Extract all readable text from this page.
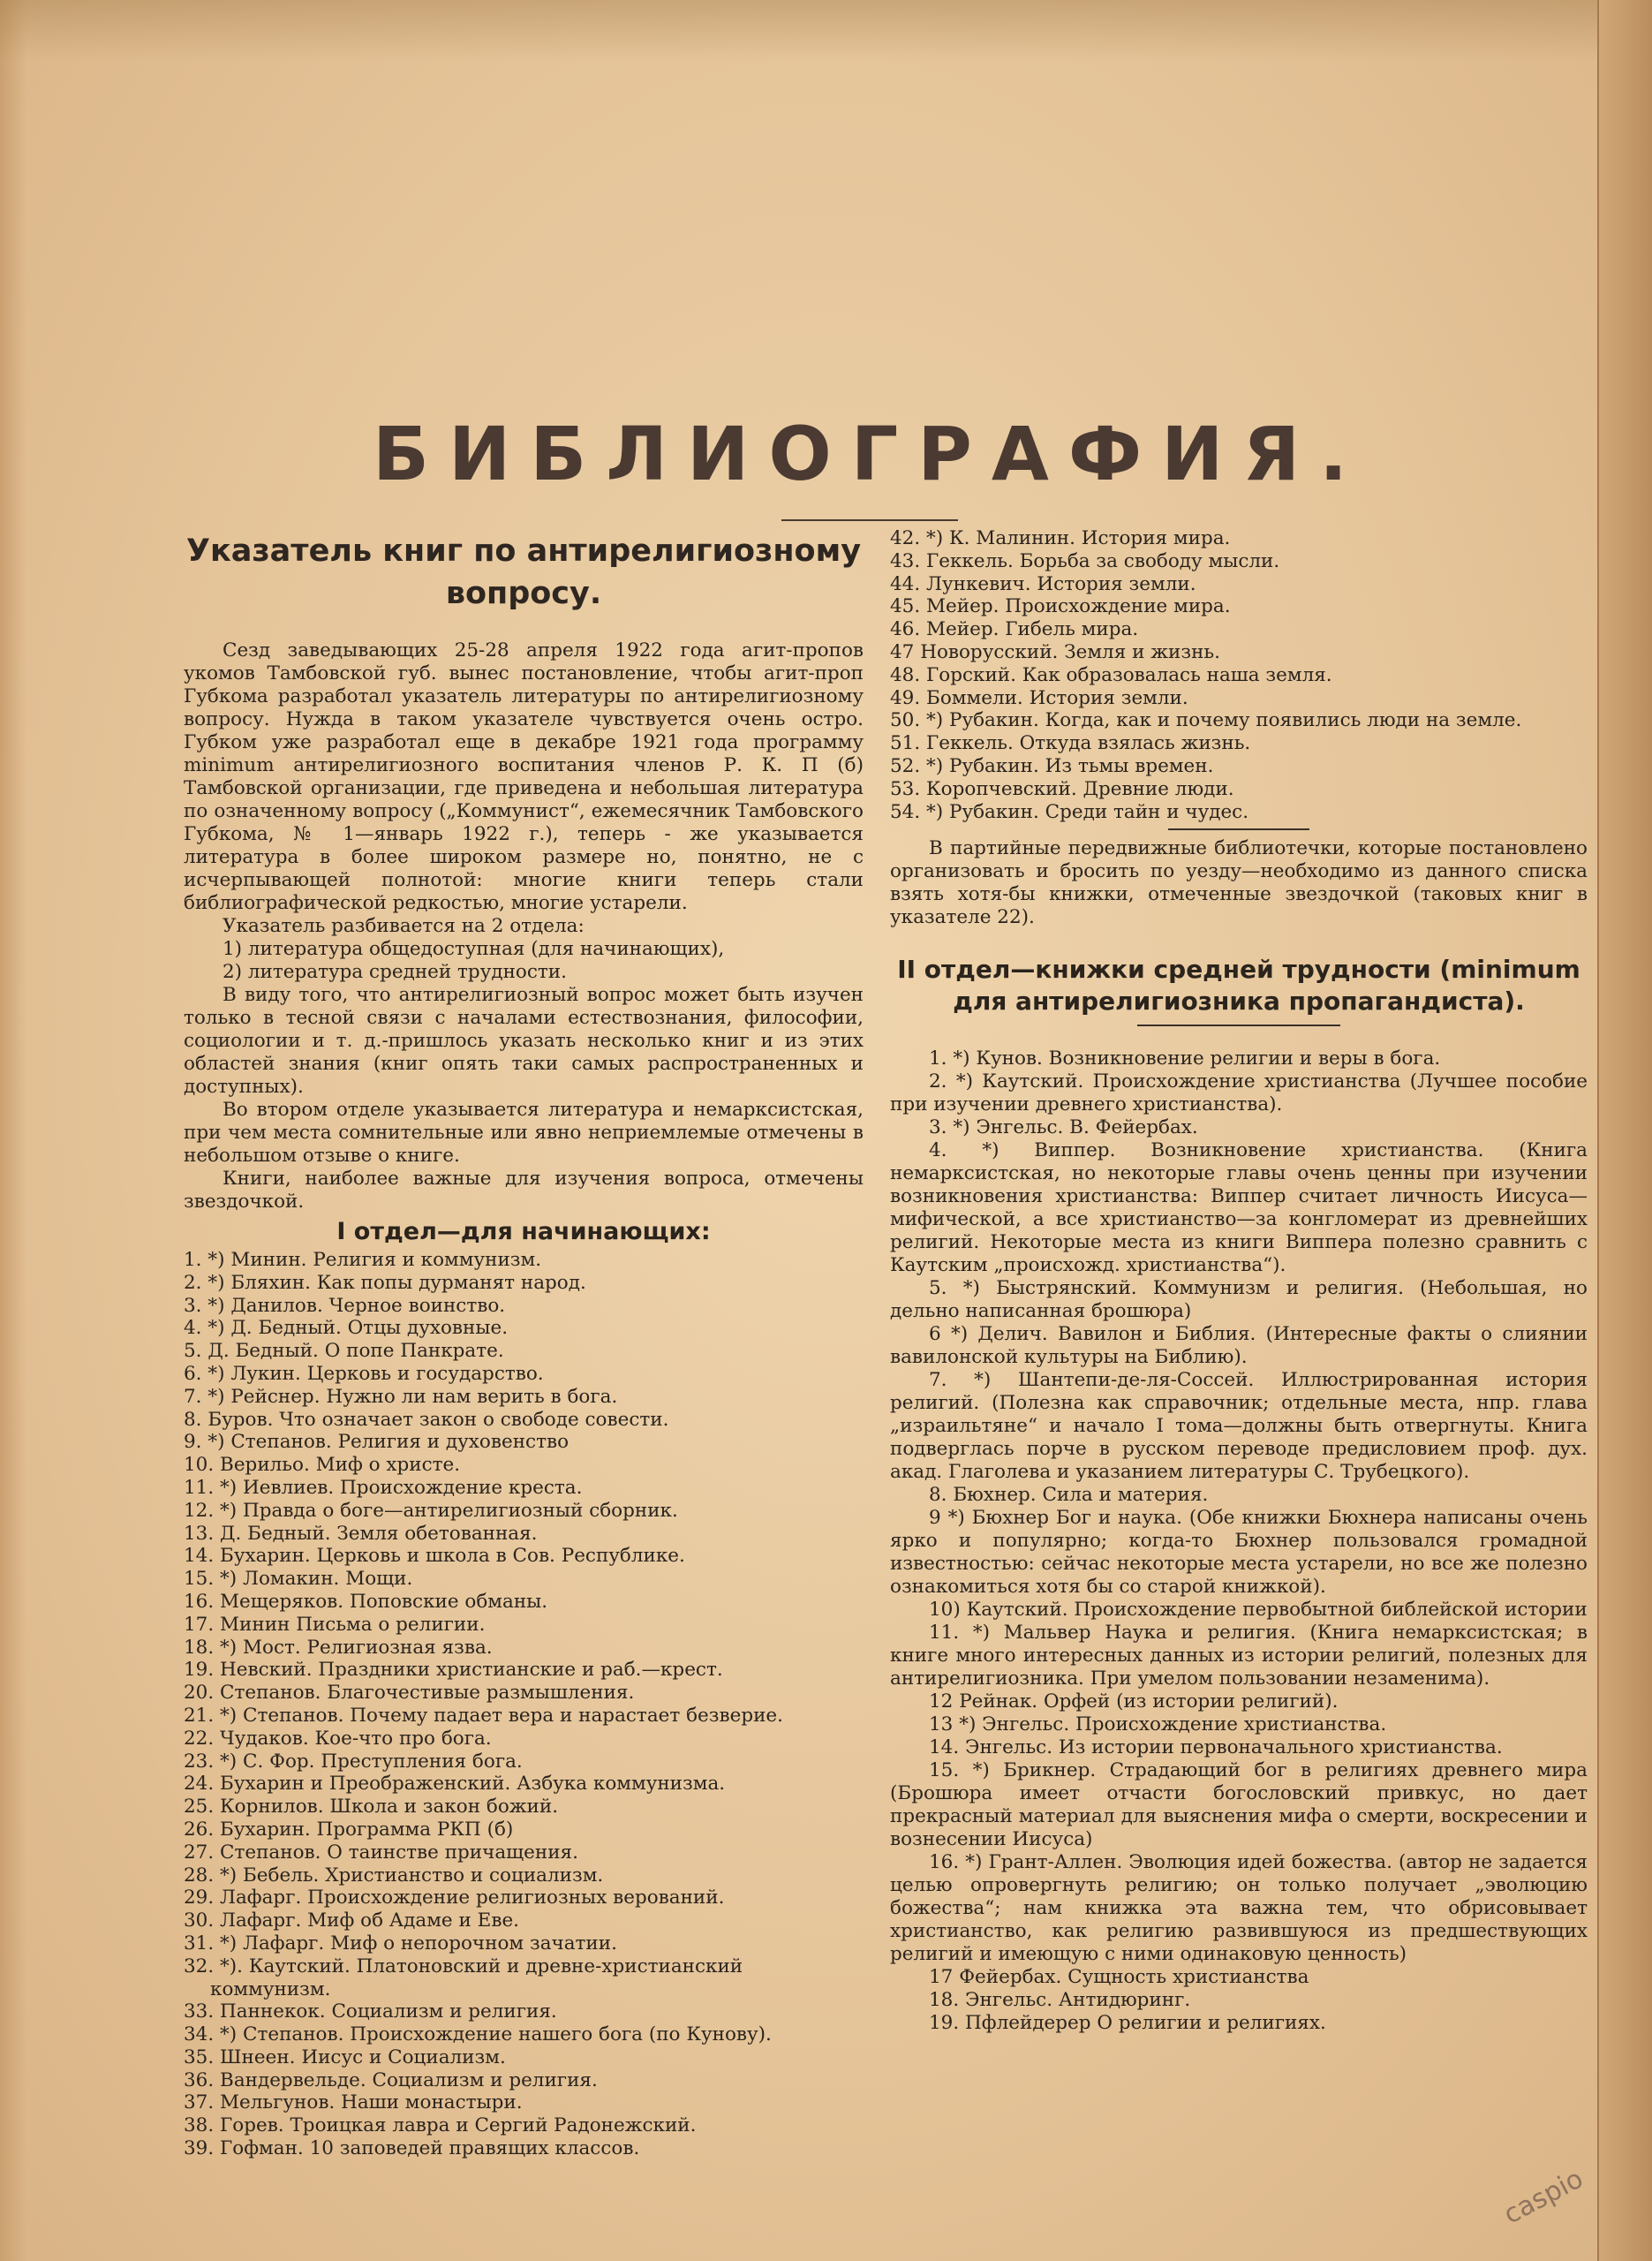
БИБЛИОГРАФИЯ.
Указатель книг по антирелигиозному вопросу.

Сезд заведывающих 25-28 апреля 1922 года агит-пропов укомов Тамбовской губ. вынес постановление, чтобы агит-проп Губкома разработал указатель литературы по антирелигиозному вопросу. Нужда в таком указателе чувствуется очень остро. Губком уже разработал еще в декабре 1921 года программу minimum антирелигиозного воспитания членов Р. К. П (б) Тамбовской организации, где приведена и небольшая литература по означенному вопросу („Коммунист“, ежемесячник Тамбовского Губкома, № 1—январь 1922 г.), теперь - же указывается литература в более широком размере но, понятно, не с исчерпывающей полнотой: многие книги теперь стали библиографической редкостью, многие устарели.

Указатель разбивается на 2 отдела:

1) литература общедоступная (для начинающих),

2) литература средней трудности.

В виду того, что антирелигиозный вопрос может быть изучен только в тесной связи с началами естествознания, философии, социологии и т. д.-пришлось указать несколько книг и из этих областей знания (книг опять таки самых распространенных и доступных).

Во втором отделе указывается литература и немарксистская, при чем места сомнительные или явно неприемлемые отмечены в небольшом отзыве о книге.

Книги, наиболее важные для изучения вопроса, отмечены звездочкой.

I отдел—для начинающих:
1. *) Минин. Религия и коммунизм.
2. *) Бляхин. Как попы дурманят народ.
3. *) Данилов. Черное воинство.
4. *) Д. Бедный. Отцы духовные.
5. Д. Бедный. О попе Панкрате.
6. *) Лукин. Церковь и государство.
7. *) Рейснер. Нужно ли нам верить в бога.
8. Буров. Что означает закон о свободе совести.
9. *) Степанов. Религия и духовенство
10. Верильо. Миф о христе.
11. *) Иевлиев. Происхождение креста.
12. *) Правда о боге—антирелигиозный сборник.
13. Д. Бедный. Земля обетованная.
14. Бухарин. Церковь и школа в Сов. Республике.
15. *) Ломакин. Мощи.
16. Мещеряков. Поповские обманы.
17. Минин Письма о религии.
18. *) Мост. Религиозная язва.
19. Невский. Праздники христианские и раб.—крест.
20. Степанов. Благочестивые размышления.
21. *) Степанов. Почему падает вера и нарастает безверие.
22. Чудаков. Кое-что про бога.
23. *) С. Фор. Преступления бога.
24. Бухарин и Преображенский. Азбука коммунизма.
25. Корнилов. Школа и закон божий.
26. Бухарин. Программа РКП (б)
27. Степанов. О таинстве причащения.
28. *) Бебель. Христианство и социализм.
29. Лафарг. Происхождение религиозных верований.
30. Лафарг. Миф об Адаме и Еве.
31. *) Лафарг. Миф о непорочном зачатии.
32. *). Каутский. Платоновский и древне-христианский коммунизм.
33. Паннекок. Социализм и религия.
34. *) Степанов. Происхождение нашего бога (по Кунову).
35. Шнеен. Иисус и Социализм.
36. Вандервельде. Социализм и религия.
37. Мельгунов. Наши монастыри.
38. Горев. Троицкая лавра и Сергий Радонежский.
39. Гофман. 10 заповедей правящих классов.
42. *) К. Малинин. История мира.
43. Геккель. Борьба за свободу мысли.
44. Лункевич. История земли.
45. Мейер. Происхождение мира.
46. Мейер. Гибель мира.
47 Новорусский. Земля и жизнь.
48. Горский. Как образовалась наша земля.
49. Боммели. История земли.
50. *) Рубакин. Когда, как и почему появились люди на земле.
51. Геккель. Откуда взялась жизнь.
52. *) Рубакин. Из тьмы времен.
53. Коропчевский. Древние люди.
54. *) Рубакин. Среди тайн и чудес.

В партийные передвижные библиотечки, которые постановлено организовать и бросить по уезду—необходимо из данного списка взять хотя-бы книжки, отмеченные звездочкой (таковых книг в указателе 22).

II отдел—книжки средней трудности (minimum для антирелигиозника пропагандиста).
1. *) Кунов. Возникновение религии и веры в бога.
2. *) Каутский. Происхождение христианства (Лучшее пособие при изучении древнего христианства).
3. *) Энгельс. В. Фейербах.
4. *) Виппер. Возникновение христианства. (Книга немарксистская, но некоторые главы очень ценны при изучении возникновения христианства: Виппер считает личность Иисуса—мифической, а все христианство—за конгломерат из древнейших религий. Некоторые места из книги Виппера полезно сравнить с Каутским „происхожд. христианства“).
5. *) Быстрянский. Коммунизм и религия. (Небольшая, но дельно написанная брошюра)
6 *) Делич. Вавилон и Библия. (Интересные факты о слиянии вавилонской культуры на Библию).
7. *) Шантепи-де-ля-Соссей. Иллюстрированная история религий. (Полезна как справочник; отдельные места, нпр. глава „израильтяне“ и начало I тома—должны быть отвергнуты. Книга подверглась порче в русском переводе предисловием проф. дух. акад. Глаголева и указанием литературы С. Трубецкого).
8. Бюхнер. Сила и материя.
9 *) Бюхнер Бог и наука. (Обе книжки Бюхнера написаны очень ярко и популярно; когда-то Бюхнер пользовался громадной известностью: сейчас некоторые места устарели, но все же полезно ознакомиться хотя бы со старой книжкой).
10) Каутский. Происхождение первобытной библейской истории
11. *) Мальвер Наука и религия. (Книга немарксистская; в книге много интересных данных из истории религий, полезных для антирелигиозника. При умелом пользовании незаменима).
12 Рейнак. Орфей (из истории религий).
13 *) Энгельс. Происхождение христианства.
14. Энгельс. Из истории первоначального христианства.
15. *) Брикнер. Страдающий бог в религиях древнего мира (Брошюра имеет отчасти богословский привкус, но дает прекрасный материал для выяснения мифа о смерти, воскресении и вознесении Иисуса)
16. *) Грант-Аллен. Эволюция идей божества. (автор не задается целью опровергнуть религию; он только получает „эволюцию божества“; нам книжка эта важна тем, что обрисовывает христианство, как религию развившуюся из предшествующих религий и имеющую с ними одинаковую ценность)
17 Фейербах. Сущность христианства
18. Энгельс. Антидюринг.
19. Пфлейдерер О религии и религиях.
caspio
